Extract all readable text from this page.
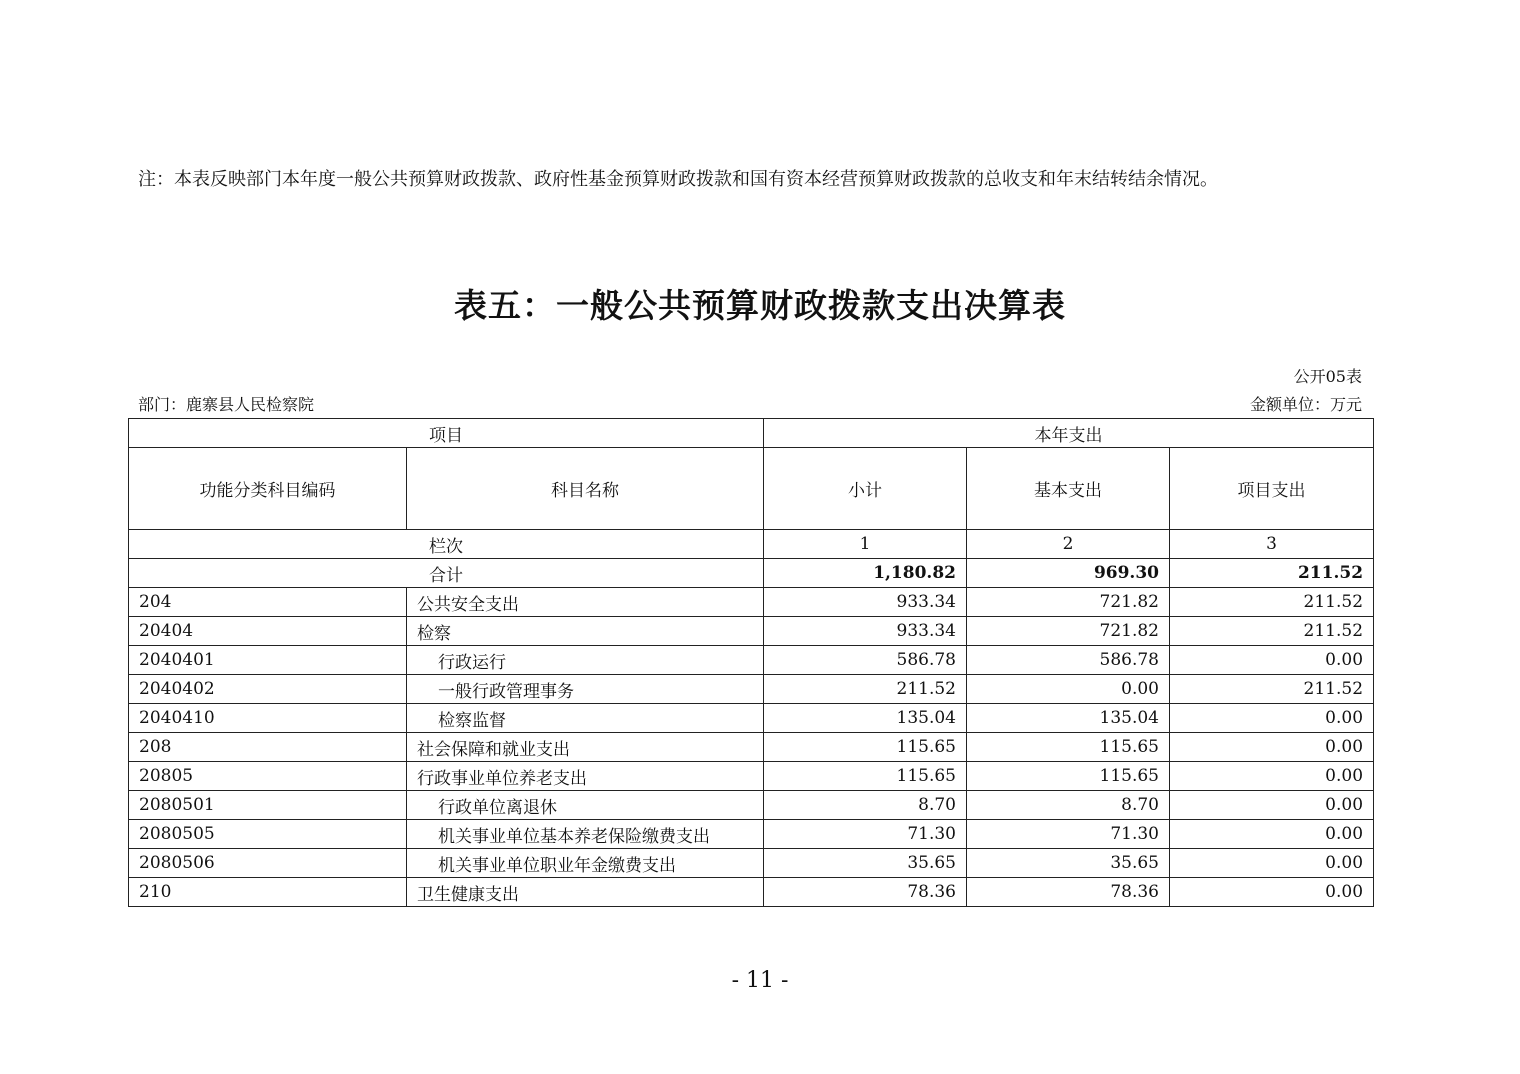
注：本表反映部门本年度一般公共预算财政拨款、政府性基金预算财政拨款和国有资本经营预算财政拨款的总收支和年末结转结余情况。
表五：一般公共预算财政拨款支出决算表
公开05表
部门：鹿寨县人民检察院	金额单位：万元
项目		本年支出		
功能分类科目编码	科目名称	小计	基本支出	项目支出
栏次		1	2	3
合计		1,180.82	969.30	211.52
204	公共安全支出	933.34	721.82	211.52
20404	检察	933.34	721.82	211.52
2040401	行政运行	586.78	586.78	0.00
2040402	一般行政管理事务	211.52	0.00	211.52
2040410	检察监督	135.04	135.04	0.00
208	社会保障和就业支出	115.65	115.65	0.00
20805	行政事业单位养老支出	115.65	115.65	0.00
2080501	行政单位离退休	8.70	8.70	0.00
2080505	机关事业单位基本养老保险缴费支出	71.30	71.30	0.00
2080506	机关事业单位职业年金缴费支出	35.65	35.65	0.00
210	卫生健康支出	78.36	78.36	0.00
- 11 -
